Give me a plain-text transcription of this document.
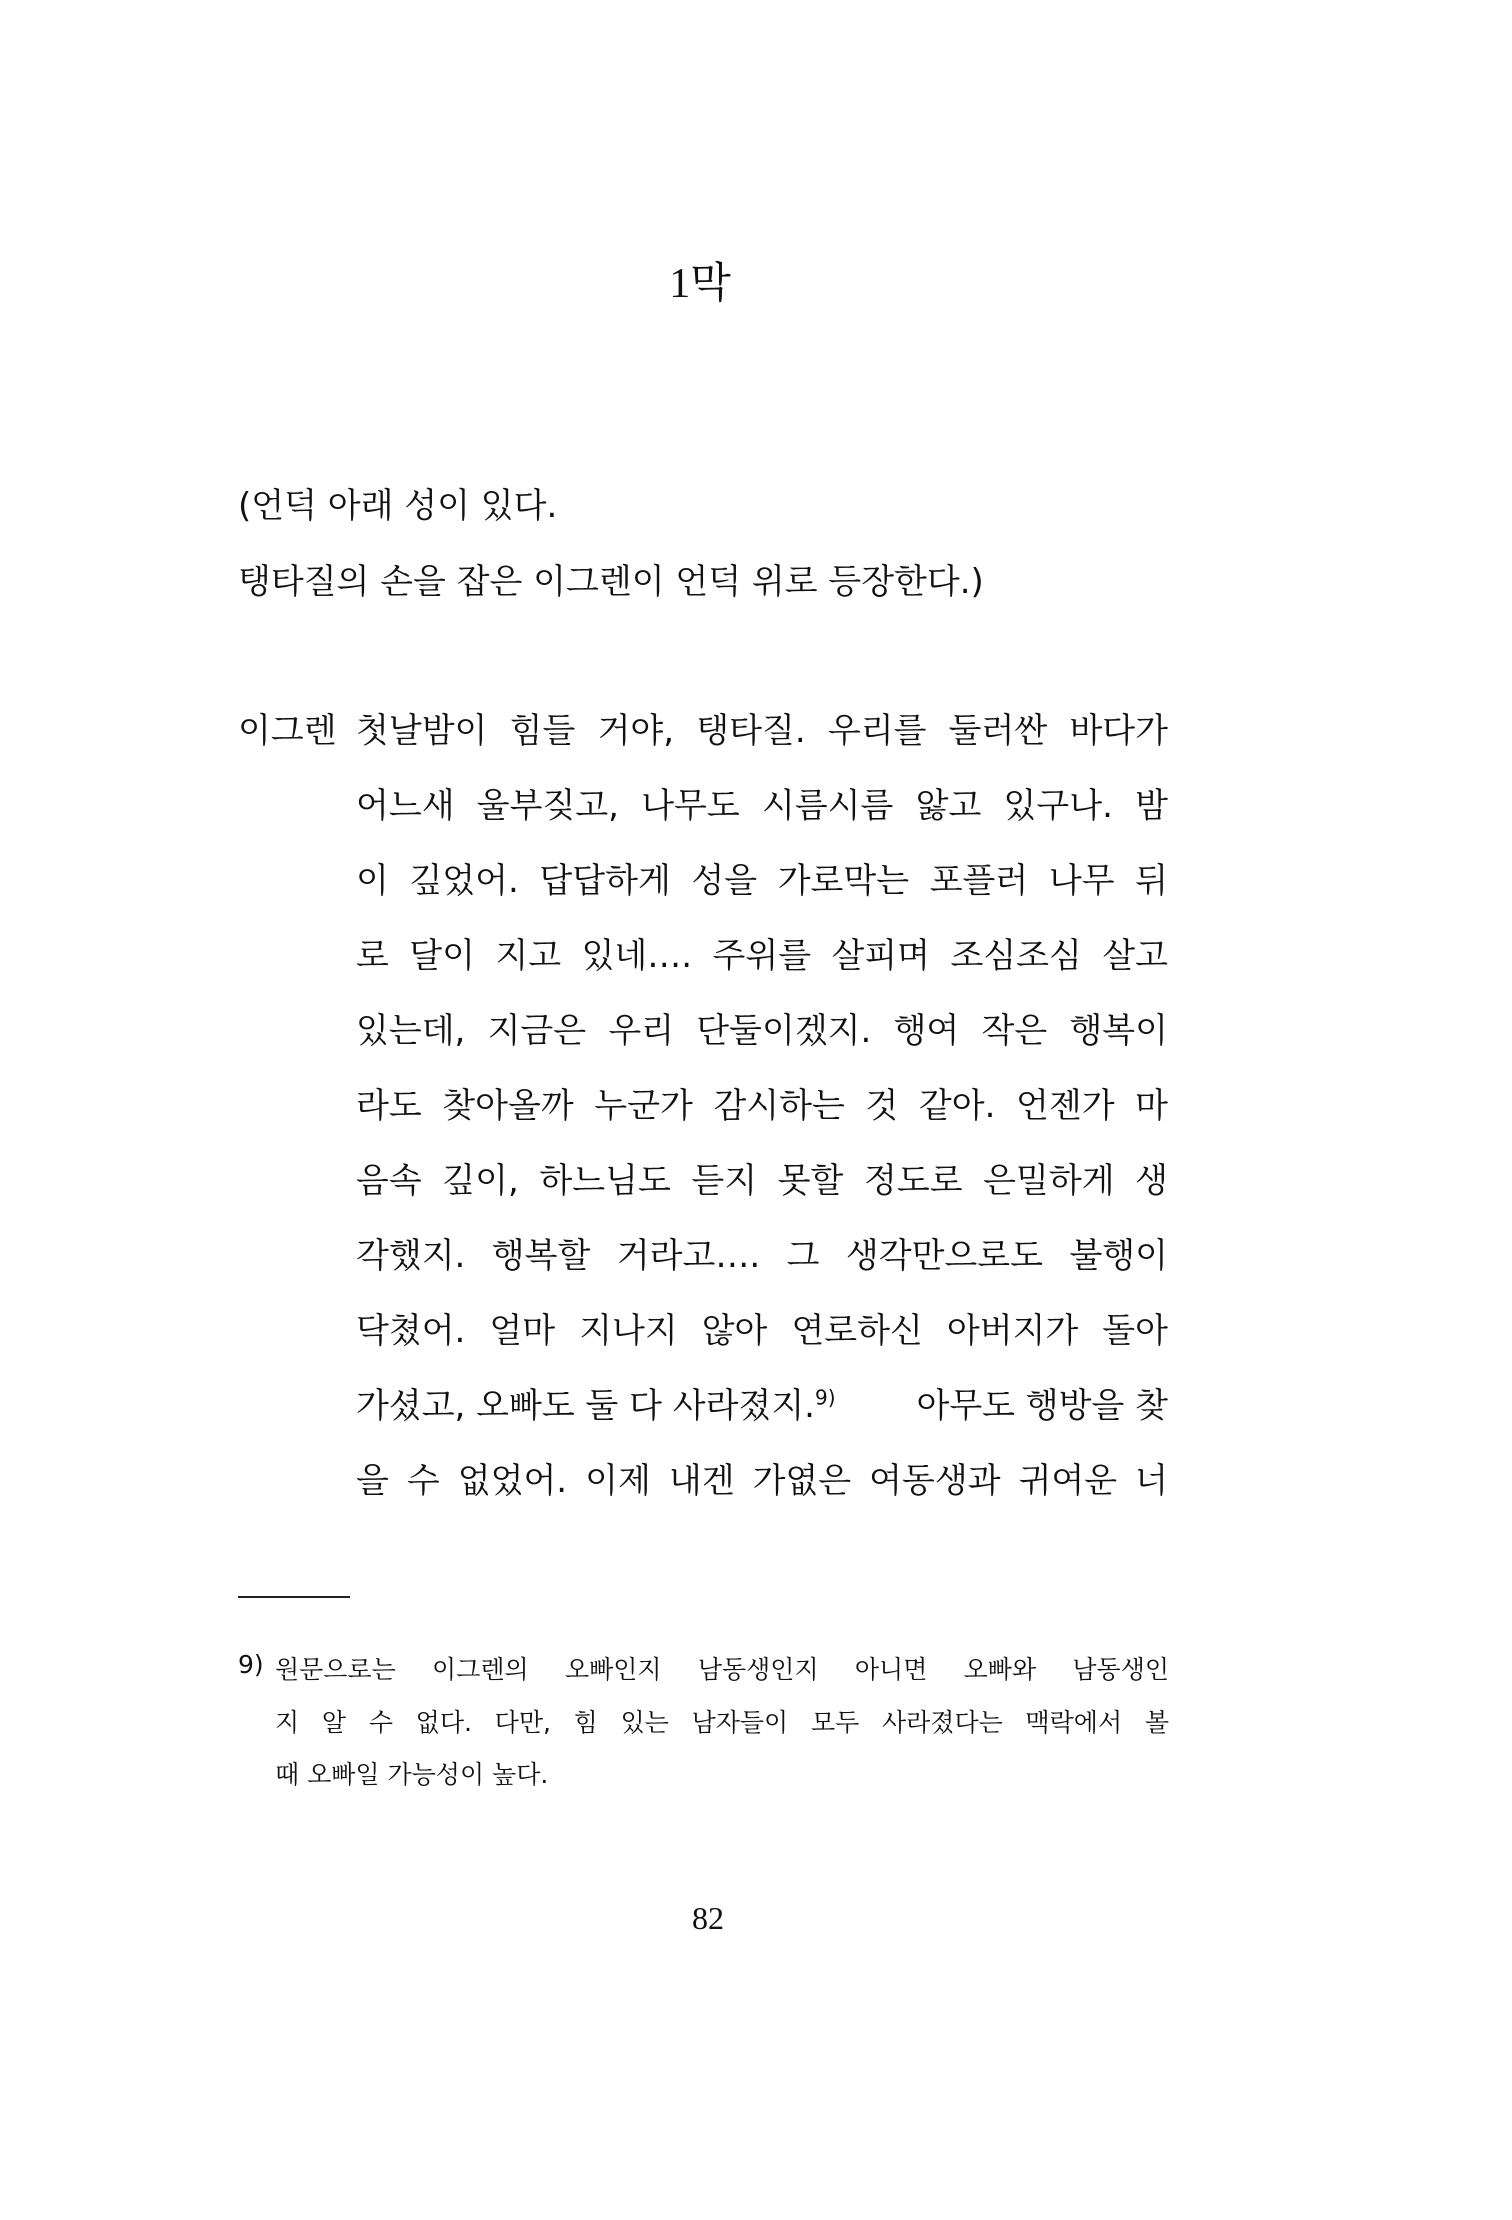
1막
(언덕 아래 성이 있다.
탱타질의 손을 잡은 이그렌이 언덕 위로 등장한다.)
이그렌 첫날밤이 힘들 거야, 탱타질. 우리를 둘러싼 바다가
어느새 울부짖고, 나무도 시름시름 앓고 있구나. 밤
이 깊었어. 답답하게 성을 가로막는 포플러 나무 뒤
로 달이 지고 있네…. 주위를 살피며 조심조심 살고
있는데, 지금은 우리 단둘이겠지. 행여 작은 행복이
라도 찾아올까 누군가 감시하는 것 같아. 언젠가 마
음속 깊이, 하느님도 듣지 못할 정도로 은밀하게 생
각했지. 행복할 거라고…. 그 생각만으로도 불행이
닥쳤어. 얼마 지나지 않아 연로하신 아버지가 돌아
가셨고, 오빠도 둘 다 사라졌지.$^{9)}$ 아무도 행방을 찾
을 수 없었어. 이제 내겐 가엾은 여동생과 귀여운 너
9) 원문으로는 이그렌의 오빠인지 남동생인지 아니면 오빠와 남동생인
지 알 수 없다. 다만, 힘 있는 남자들이 모두 사라졌다는 맥락에서 볼
때 오빠일 가능성이 높다.
82
